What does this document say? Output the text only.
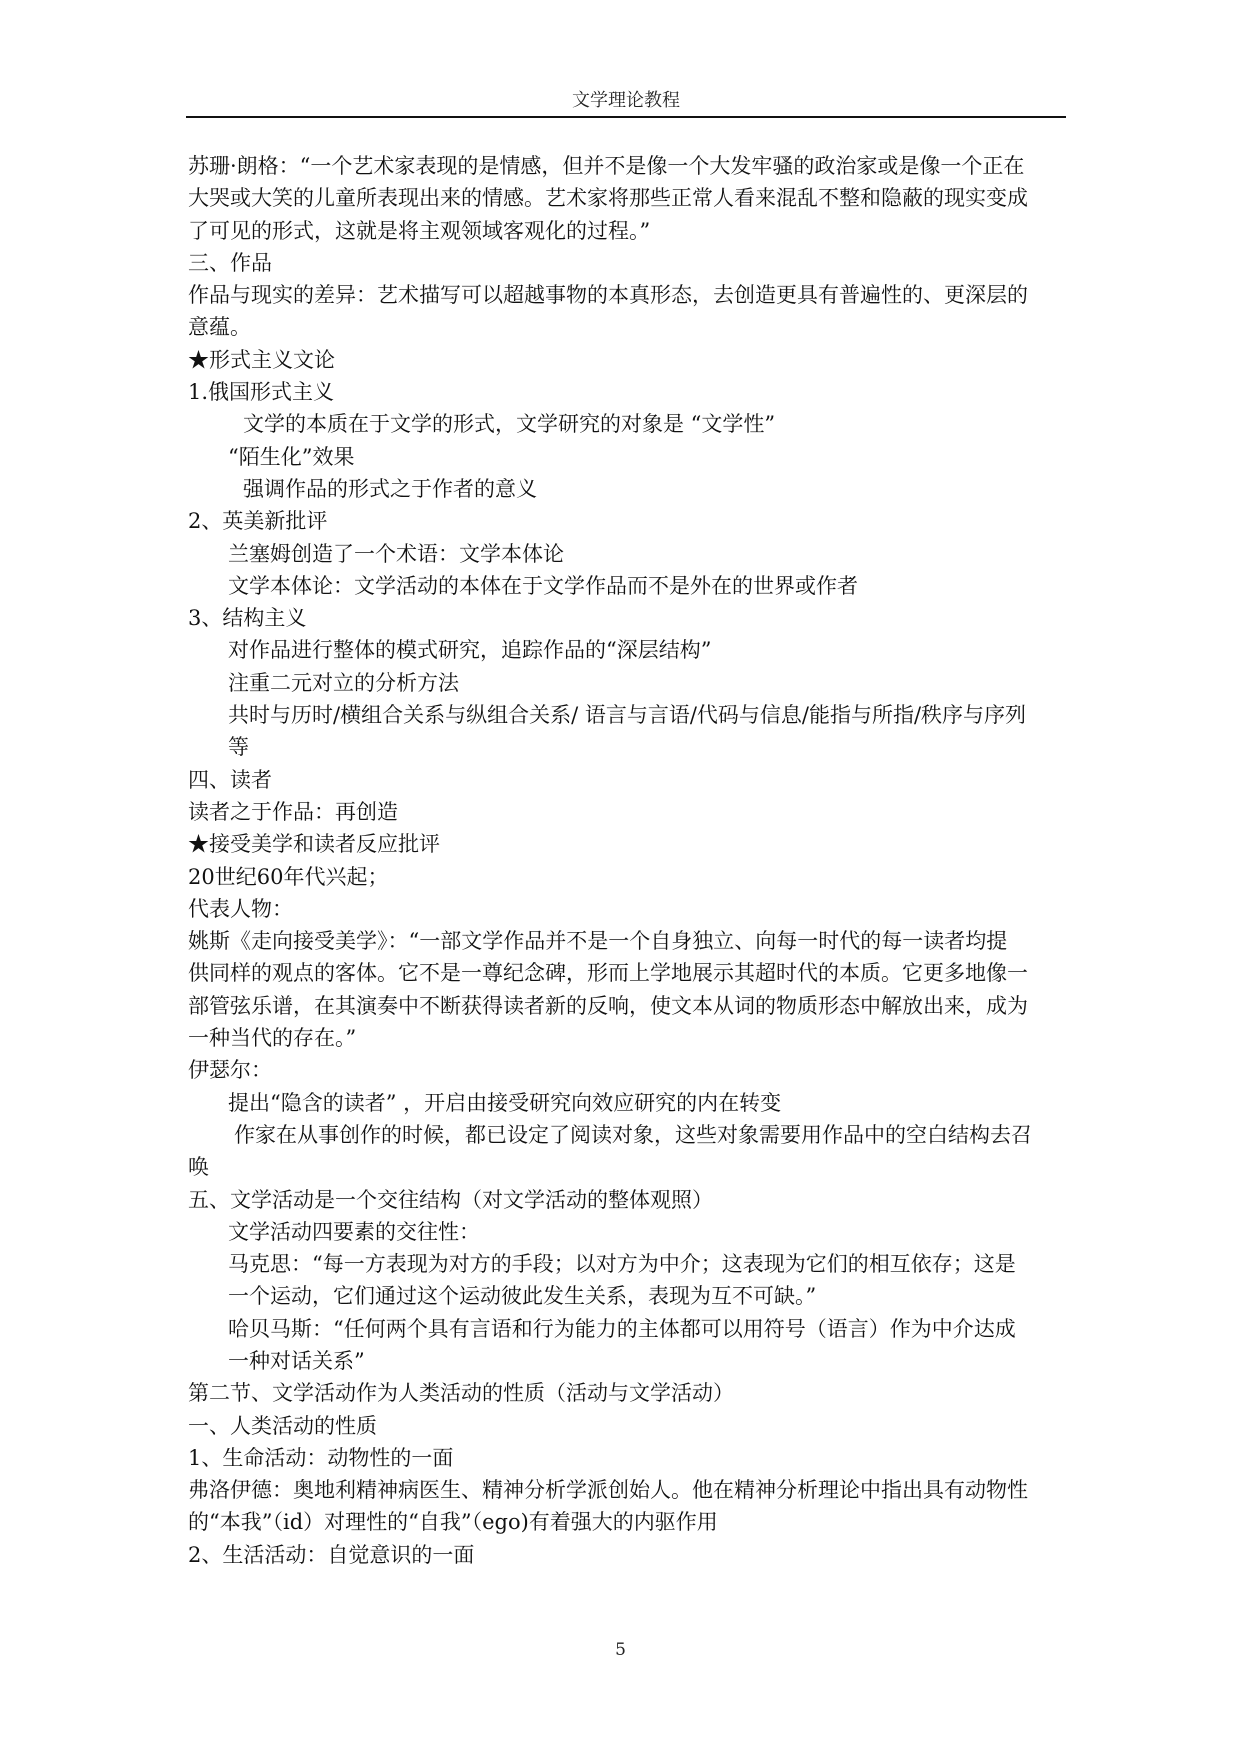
文学理论教程
苏珊·朗格：“一个艺术家表现的是情感，但并不是像一个大发牢骚的政治家或是像一个正在
大哭或大笑的儿童所表现出来的情感。艺术家将那些正常人看来混乱不整和隐蔽的现实变成
了可见的形式，这就是将主观领域客观化的过程。”
三、作品
作品与现实的差异：艺术描写可以超越事物的本真形态，去创造更具有普遍性的、更深层的
意蕴。
★形式主义文论
1.俄国形式主义
文学的本质在于文学的形式，文学研究的对象是 “文学性”
“陌生化”效果
强调作品的形式之于作者的意义
2、英美新批评
兰塞姆创造了一个术语：文学本体论
文学本体论：文学活动的本体在于文学作品而不是外在的世界或作者
3、结构主义
对作品进行整体的模式研究，追踪作品的“深层结构”
注重二元对立的分析方法
共时与历时/横组合关系与纵组合关系/ 语言与言语/代码与信息/能指与所指/秩序与序列
等
四、读者
读者之于作品：再创造
★接受美学和读者反应批评
20世纪60年代兴起；
代表人物：
姚斯《走向接受美学》：“一部文学作品并不是一个自身独立、向每一时代的每一读者均提
供同样的观点的客体。它不是一尊纪念碑，形而上学地展示其超时代的本质。它更多地像一
部管弦乐谱，在其演奏中不断获得读者新的反响，使文本从词的物质形态中解放出来，成为
一种当代的存在。”
伊瑟尔：
提出“隐含的读者” ，开启由接受研究向效应研究的内在转变
作家在从事创作的时候，都已设定了阅读对象，这些对象需要用作品中的空白结构去召
唤
五、文学活动是一个交往结构（对文学活动的整体观照）
文学活动四要素的交往性：
马克思：“每一方表现为对方的手段；以对方为中介；这表现为它们的相互依存；这是
一个运动，它们通过这个运动彼此发生关系，表现为互不可缺。”
哈贝马斯：“任何两个具有言语和行为能力的主体都可以用符号（语言）作为中介达成
一种对话关系”
第二节、文学活动作为人类活动的性质（活动与文学活动）
一、人类活动的性质
1、生命活动：动物性的一面
弗洛伊德：奥地利精神病医生、精神分析学派创始人。他在精神分析理论中指出具有动物性
的“本我”（id）对理性的“自我”（ego)有着强大的内驱作用
2、生活活动：自觉意识的一面
5
